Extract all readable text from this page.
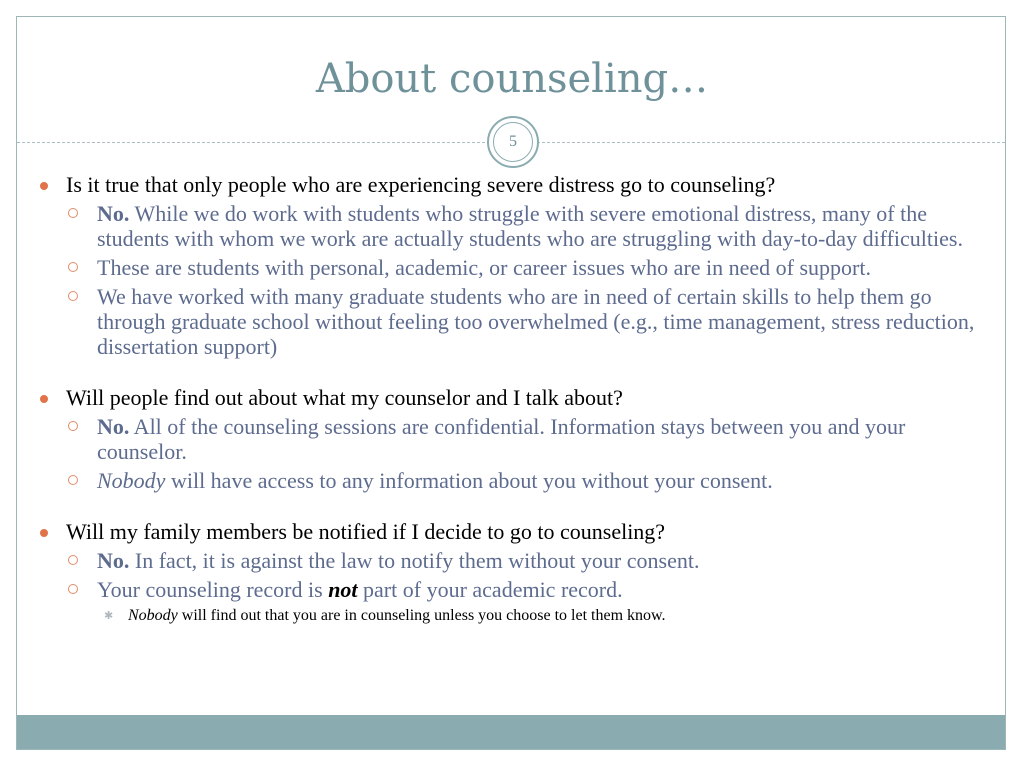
About counseling…
5
Is it true that only people who are experiencing severe distress go to counseling?
No. While we do work with students who struggle with severe emotional distress, many of the students with whom we work are actually students who are struggling with day-to-day difficulties.
These are students with personal, academic, or career issues who are in need of support.
We have worked with many graduate students who are in need of certain skills to help them go through graduate school without feeling too overwhelmed (e.g., time management, stress reduction, dissertation support)
Will people find out about what my counselor and I talk about?
No. All of the counseling sessions are confidential. Information stays between you and your counselor.
Nobody will have access to any information about you without your consent.
Will my family members be notified if I decide to go to counseling?
No. In fact, it is against the law to notify them without your consent.
Your counseling record is not part of your academic record.
✱ Nobody will find out that you are in counseling unless you choose to let them know.
